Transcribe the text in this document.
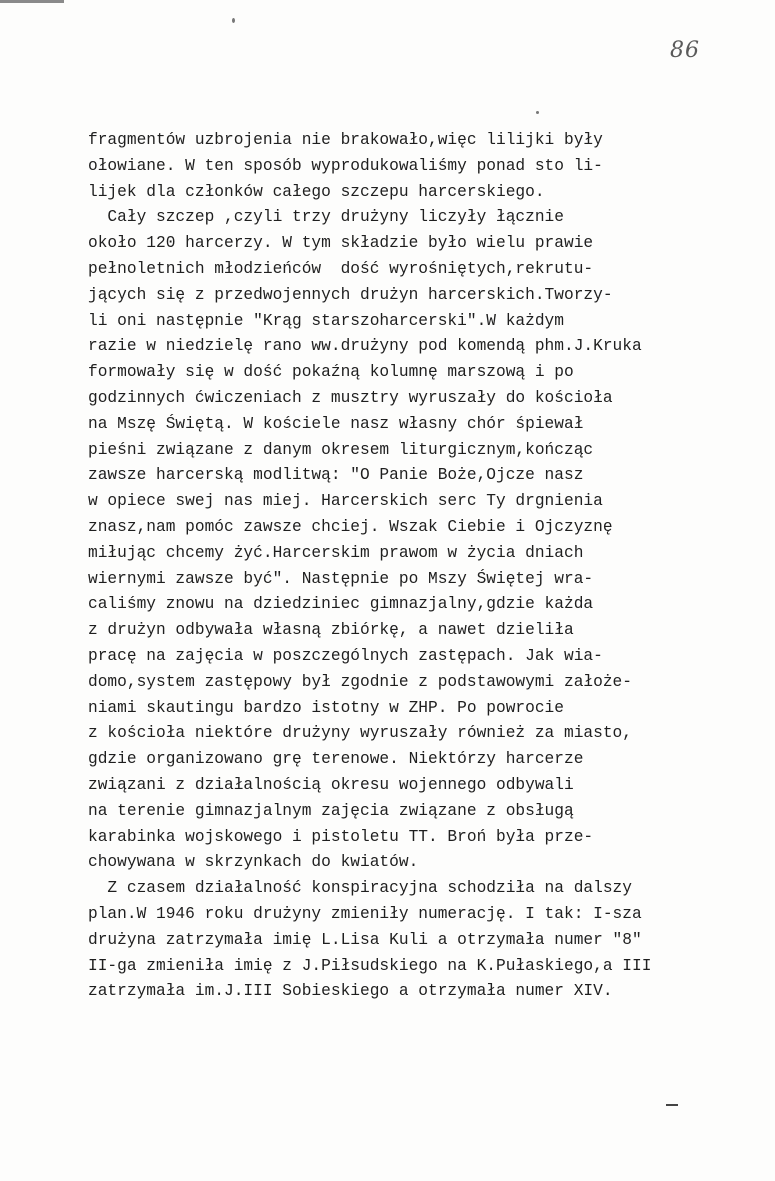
86
fragmentów uzbrojenia nie brakowało,więc lilijki były
ołowiane. W ten sposób wyprodukowaliśmy ponad sto li-
lijek dla członków całego szczepu harcerskiego.
Cały szczep ,czyli trzy drużyny liczyły łącznie
około 120 harcerzy. W tym składzie było wielu prawie
pełnoletnich młodzieńców  dość wyrośniętych,rekrutu-
jących się z przedwojennych drużyn harcerskich.Tworzy-
li oni następnie "Krąg starszoharcerski".W każdym
razie w niedzielę rano ww.drużyny pod komendą phm.J.Kruka
formowały się w dość pokaźną kolumnę marszową i po
godzinnych ćwiczeniach z musztry wyruszały do kościoła
na Mszę Świętą. W kościele nasz własny chór śpiewał
pieśni związane z danym okresem liturgicznym,kończąc
zawsze harcerską modlitwą: "O Panie Boże,Ojcze nasz
w opiece swej nas miej. Harcerskich serc Ty drgnienia
znasz,nam pomóc zawsze chciej. Wszak Ciebie i Ojczyznę
miłując chcemy żyć.Harcerskim prawom w życia dniach
wiernymi zawsze być". Następnie po Mszy Świętej wra-
caliśmy znowu na dziedziniec gimnazjalny,gdzie każda
z drużyn odbywała własną zbiórkę, a nawet dzieliła
pracę na zajęcia w poszczególnych zastępach. Jak wia-
domo,system zastępowy był zgodnie z podstawowymi założe-
niami skautingu bardzo istotny w ZHP. Po powrocie
z kościoła niektóre drużyny wyruszały również za miasto,
gdzie organizowano grę terenowe. Niektórzy harcerze
związani z działalnością okresu wojennego odbywali
na terenie gimnazjalnym zajęcia związane z obsługą
karabinka wojskowego i pistoletu TT. Broń była prze-
chowywana w skrzynkach do kwiatów.
Z czasem działalność konspiracyjna schodziła na dalszy
plan.W 1946 roku drużyny zmieniły numerację. I tak: I-sza
drużyna zatrzymała imię L.Lisa Kuli a otrzymała numer "8"
II-ga zmieniła imię z J.Piłsudskiego na K.Pułaskiego,a III
zatrzymała im.J.III Sobieskiego a otrzymała numer XIV.
